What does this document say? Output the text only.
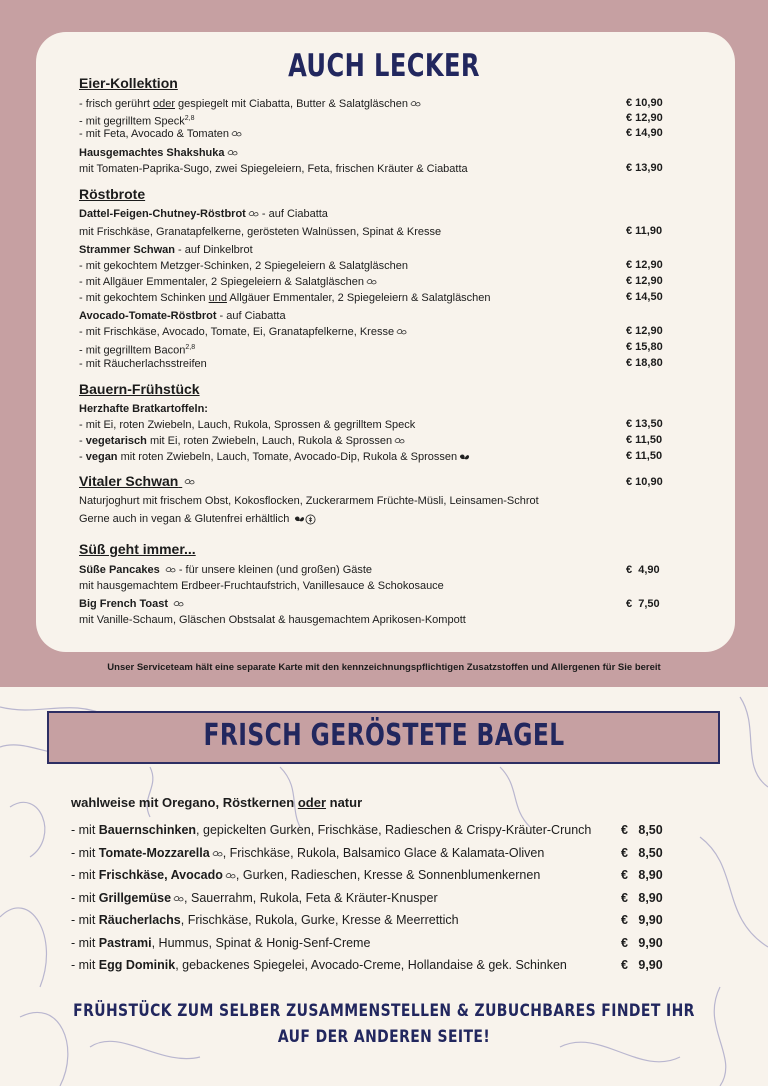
AUCH LECKER
Eier-Kollektion
- frisch gerührt oder gespiegelt mit Ciabatta, Butter & Salatgläschen	€ 10,90
- mit gegrilltem Speck$^{2,8}$	€ 12,90
- mit Feta, Avocado & Tomaten	€ 14,90
Hausgemachtes Shakshuka
mit Tomaten-Paprika-Sugo, zwei Spiegeleiern, Feta, frischen Kräuter & Ciabatta	€ 13,90
Röstbrote
Dattel-Feigen-Chutney-Röstbrot - auf Ciabatta
mit Frischkäse, Granatapfelkerne, gerösteten Walnüssen, Spinat & Kresse	€ 11,90
Strammer Schwan - auf Dinkelbrot
- mit gekochtem Metzger-Schinken, 2 Spiegeleiern & Salatgläschen	€ 12,90
- mit Allgäuer Emmentaler, 2 Spiegeleiern & Salatgläschen	€ 12,90
- mit gekochtem Schinken und Allgäuer Emmentaler, 2 Spiegeleiern & Salatgläschen	€ 14,50
Avocado-Tomate-Röstbrot - auf Ciabatta
- mit Frischkäse, Avocado, Tomate, Ei, Granatapfelkerne, Kresse	€ 12,90
- mit gegrilltem Bacon$^{2,8}$	€ 15,80
- mit Räucherlachsstreifen	€ 18,80
Bauern-Frühstück
Herzhafte Bratkartoffeln:
- mit Ei, roten Zwiebeln, Lauch, Rukola, Sprossen & gegrilltem Speck	€ 13,50
- vegetarisch mit Ei, roten Zwiebeln, Lauch, Rukola & Sprossen	€ 11,50
- vegan mit roten Zwiebeln, Lauch, Tomate, Avocado-Dip, Rukola & Sprossen	€ 11,50
Vitaler Schwan	€ 10,90
Naturjoghurt mit frischem Obst, Kokosflocken, Zuckerarmem Früchte-Müsli, Leinsamen-Schrot
Gerne auch in vegan & Glutenfrei erhältlich
Süß geht immer...
Süße Pancakes  - für unsere kleinen (und großen) Gäste	€  4,90
mit hausgemachtem Erdbeer-Fruchtaufstrich, Vanillesauce & Schokosauce
Big French Toast	€  7,50
mit Vanille-Schaum, Gläschen Obstsalat & hausgemachtem Aprikosen-Kompott
Unser Serviceteam hält eine separate Karte mit den kennzeichnungspflichtigen Zusatzstoffen und Allergenen für Sie bereit
FRISCH GERÖSTETE BAGEL
wahlweise mit Oregano, Röstkernen oder natur
- mit Bauernschinken, gepickelten Gurken, Frischkäse, Radieschen & Crispy-Kräuter-Crunch €   8,50
- mit Tomate-Mozzarella , Frischkäse, Rukola, Balsamico Glace & Kalamata-Oliven	€   8,50
- mit Frischkäse, Avocado , Gurken, Radieschen, Kresse & Sonnenblumenkernen	€   8,90
- mit Grillgemüse , Sauerrahm, Rukola, Feta & Kräuter-Knusper	€   8,90
- mit Räucherlachs, Frischkäse, Rukola, Gurke, Kresse & Meerrettich	€   9,90
- mit Pastrami, Hummus, Spinat & Honig-Senf-Creme	€   9,90
- mit Egg Dominik, gebackenes Spiegelei, Avocado-Creme, Hollandaise & gek. Schinken	€   9,90
FRÜHSTÜCK ZUM SELBER ZUSAMMENSTELLEN & ZUBUCHBARES FINDET IHR
AUF DER ANDEREN SEITE!
